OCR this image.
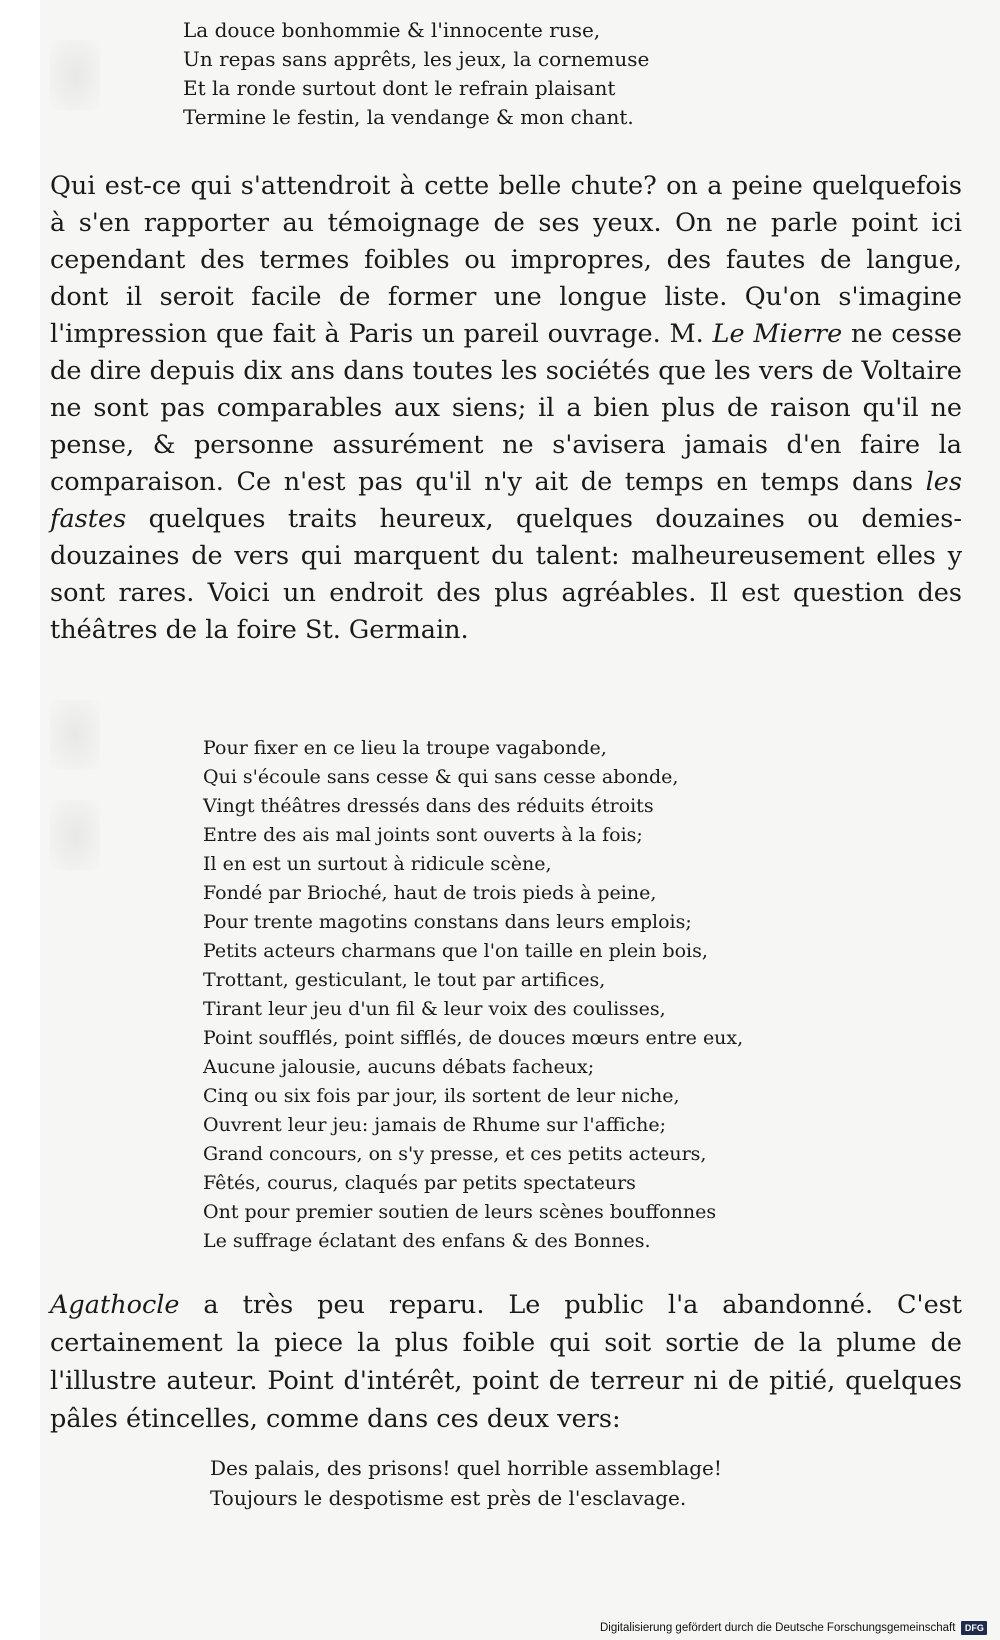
La douce bonhommie & l'innocente ruse,
Un repas sans apprêts, les jeux, la cornemuse
Et la ronde surtout dont le refrain plaisant
Termine le festin, la vendange & mon chant.

Qui est-ce qui s'attendroit à cette belle chute? on a peine quelquefois à s'en rapporter au témoignage de ses yeux. On ne parle point ici cependant des termes foibles ou impropres, des fautes de langue, dont il seroit facile de former une longue liste. Qu'on s'imagine l'impression que fait à Paris un pareil ouvrage. M. Le Mierre ne cesse de dire depuis dix ans dans toutes les sociétés que les vers de Voltaire ne sont pas comparables aux siens; il a bien plus de raison qu'il ne pense, & personne assurément ne s'avisera jamais d'en faire la comparaison. Ce n'est pas qu'il n'y ait de temps en temps dans les fastes quelques traits heureux, quelques douzaines ou demies-douzaines de vers qui marquent du talent: malheureusement elles y sont rares. Voici un endroit des plus agréables. Il est question des théâtres de la foire St. Germain.

Pour fixer en ce lieu la troupe vagabonde,
Qui s'écoule sans cesse & qui sans cesse abonde,
Vingt théâtres dressés dans des réduits étroits
Entre des ais mal joints sont ouverts à la fois;
Il en est un surtout à ridicule scène,
Fondé par Brioché, haut de trois pieds à peine,
Pour trente magotins constans dans leurs emplois;
Petits acteurs charmans que l'on taille en plein bois,
Trottant, gesticulant, le tout par artifices,
Tirant leur jeu d'un fil & leur voix des coulisses,
Point soufflés, point sifflés, de douces mœurs entre eux,
Aucune jalousie, aucuns débats facheux;
Cinq ou six fois par jour, ils sortent de leur niche,
Ouvrent leur jeu: jamais de Rhume sur l'affiche;
Grand concours, on s'y presse, et ces petits acteurs,
Fêtés, courus, claqués par petits spectateurs
Ont pour premier soutien de leurs scènes bouffonnes
Le suffrage éclatant des enfans & des Bonnes.

Agathocle a très peu reparu. Le public l'a abandonné. C'est certainement la piece la plus foible qui soit sortie de la plume de l'illustre auteur. Point d'intérêt, point de terreur ni de pitié, quelques pâles étincelles, comme dans ces deux vers:

Des palais, des prisons! quel horrible assemblage!
Toujours le despotisme est près de l'esclavage.
Digitalisierung gefördert durch die Deutsche Forschungsgemeinschaft	DFG
